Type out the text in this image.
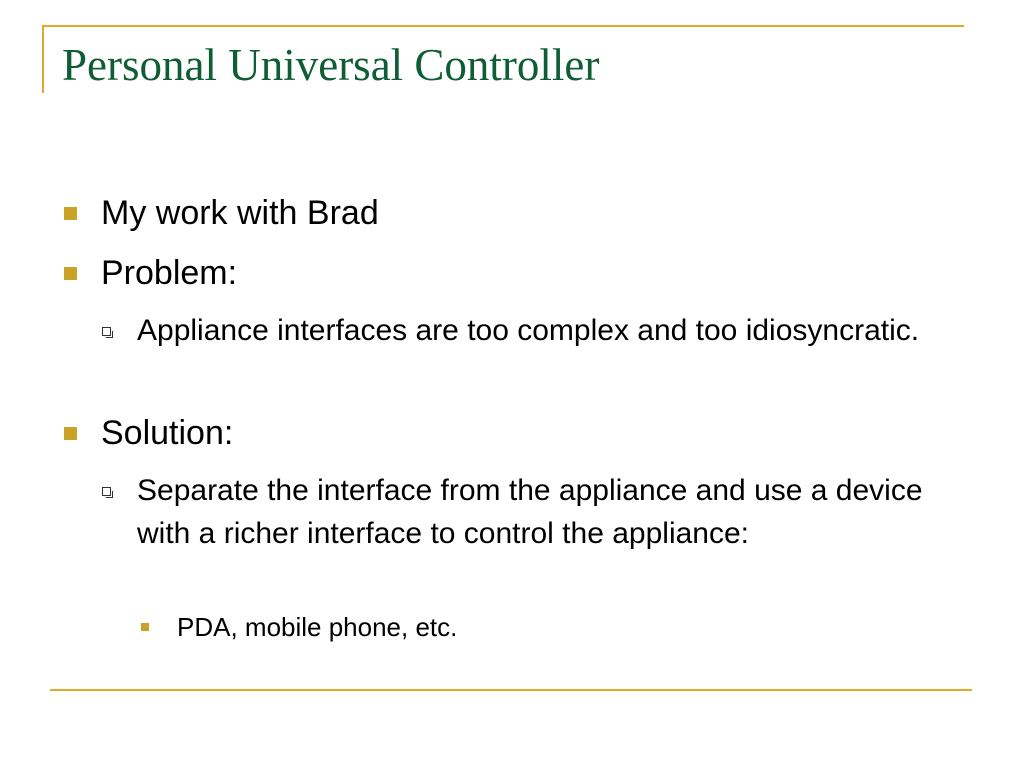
Personal Universal Controller
My work with Brad
Problem:
Appliance interfaces are too complex and too idiosyncratic.
Solution:
Separate the interface from the appliance and use a device with a richer interface to control the appliance:
PDA, mobile phone, etc.
